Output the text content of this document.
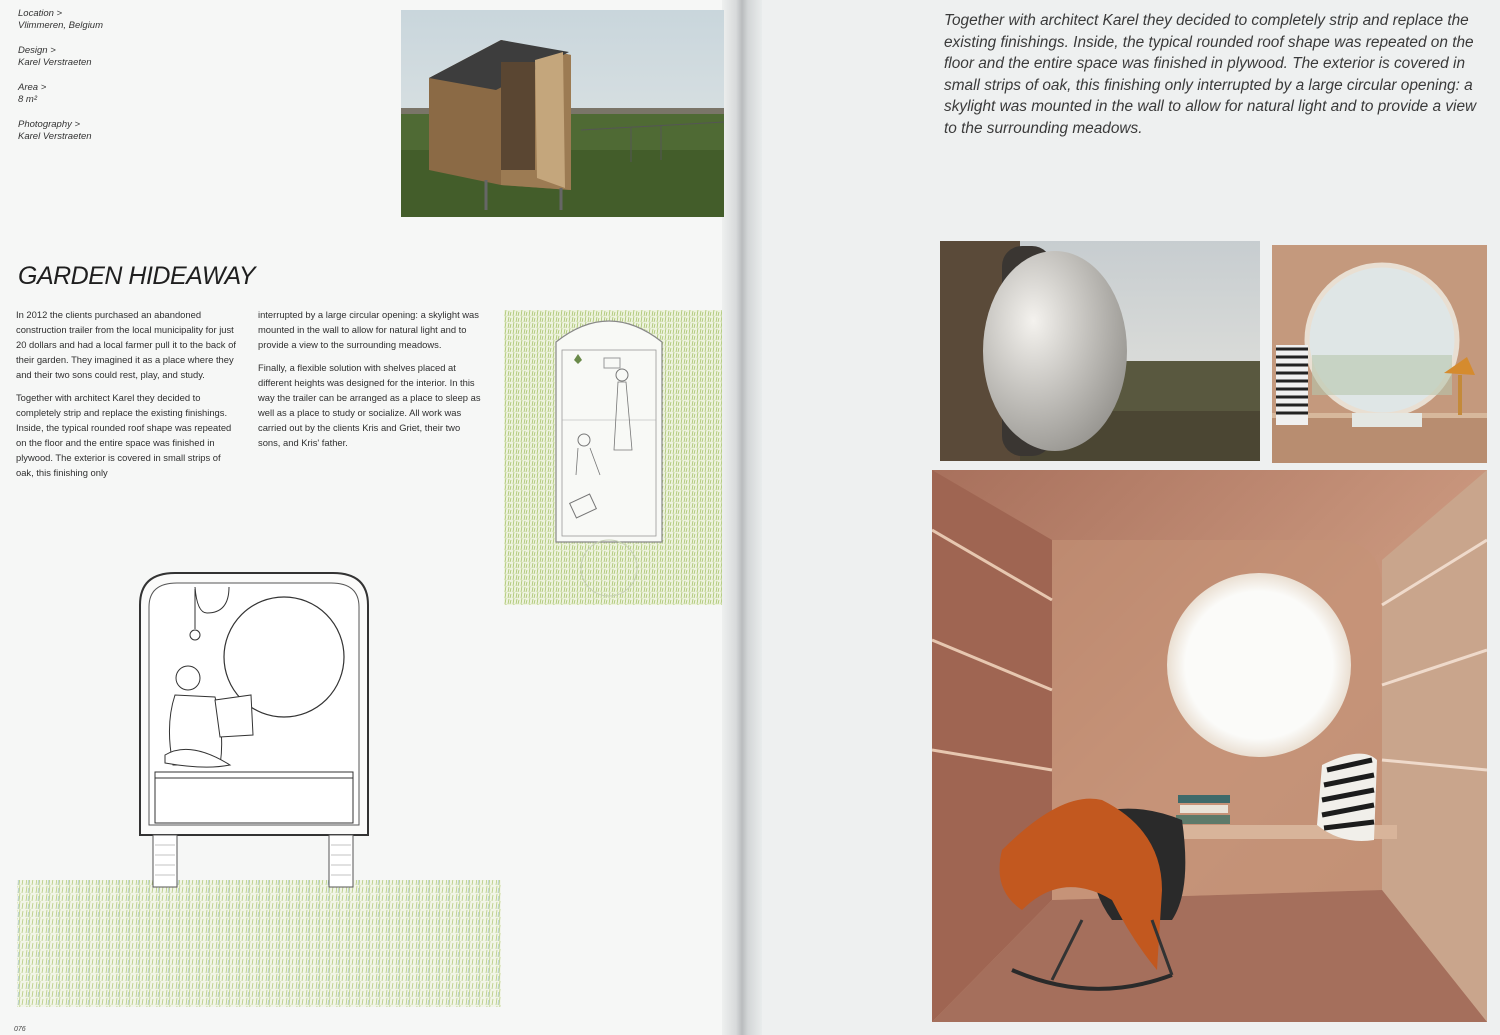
Location >
Vlimmeren, Belgium
Design >
Karel Verstraeten
Area >
8 m²
Photography >
Karel Verstraeten
GARDEN HIDEAWAY

In 2012 the clients purchased an abandoned construction trailer from the local municipality for just 20 dollars and had a local farmer pull it to the back of their garden. They imagined it as a place where they and their two sons could rest, play, and study.

Together with architect Karel they decided to completely strip and replace the existing finishings. Inside, the typical rounded roof shape was repeated on the floor and the entire space was finished in plywood. The exterior is covered in small strips of oak, this finishing only

interrupted by a large circular opening: a skylight was mounted in the wall to allow for natural light and to provide a view to the surrounding meadows.

Finally, a flexible solution with shelves placed at different heights was designed for the interior. In this way the trailer can be arranged as a place to sleep as well as a place to study or socialize. All work was carried out by the clients Kris and Griet, their two sons, and Kris' father.

076

Together with architect Karel they decided to completely strip and replace the existing finishings. Inside, the typical rounded roof shape was repeated on the floor and the entire space was finished in plywood. The exterior is covered in small strips of oak, this finishing only interrupted by a large circular opening: a skylight was mounted in the wall to allow for natural light and to provide a view to the surrounding meadows.
